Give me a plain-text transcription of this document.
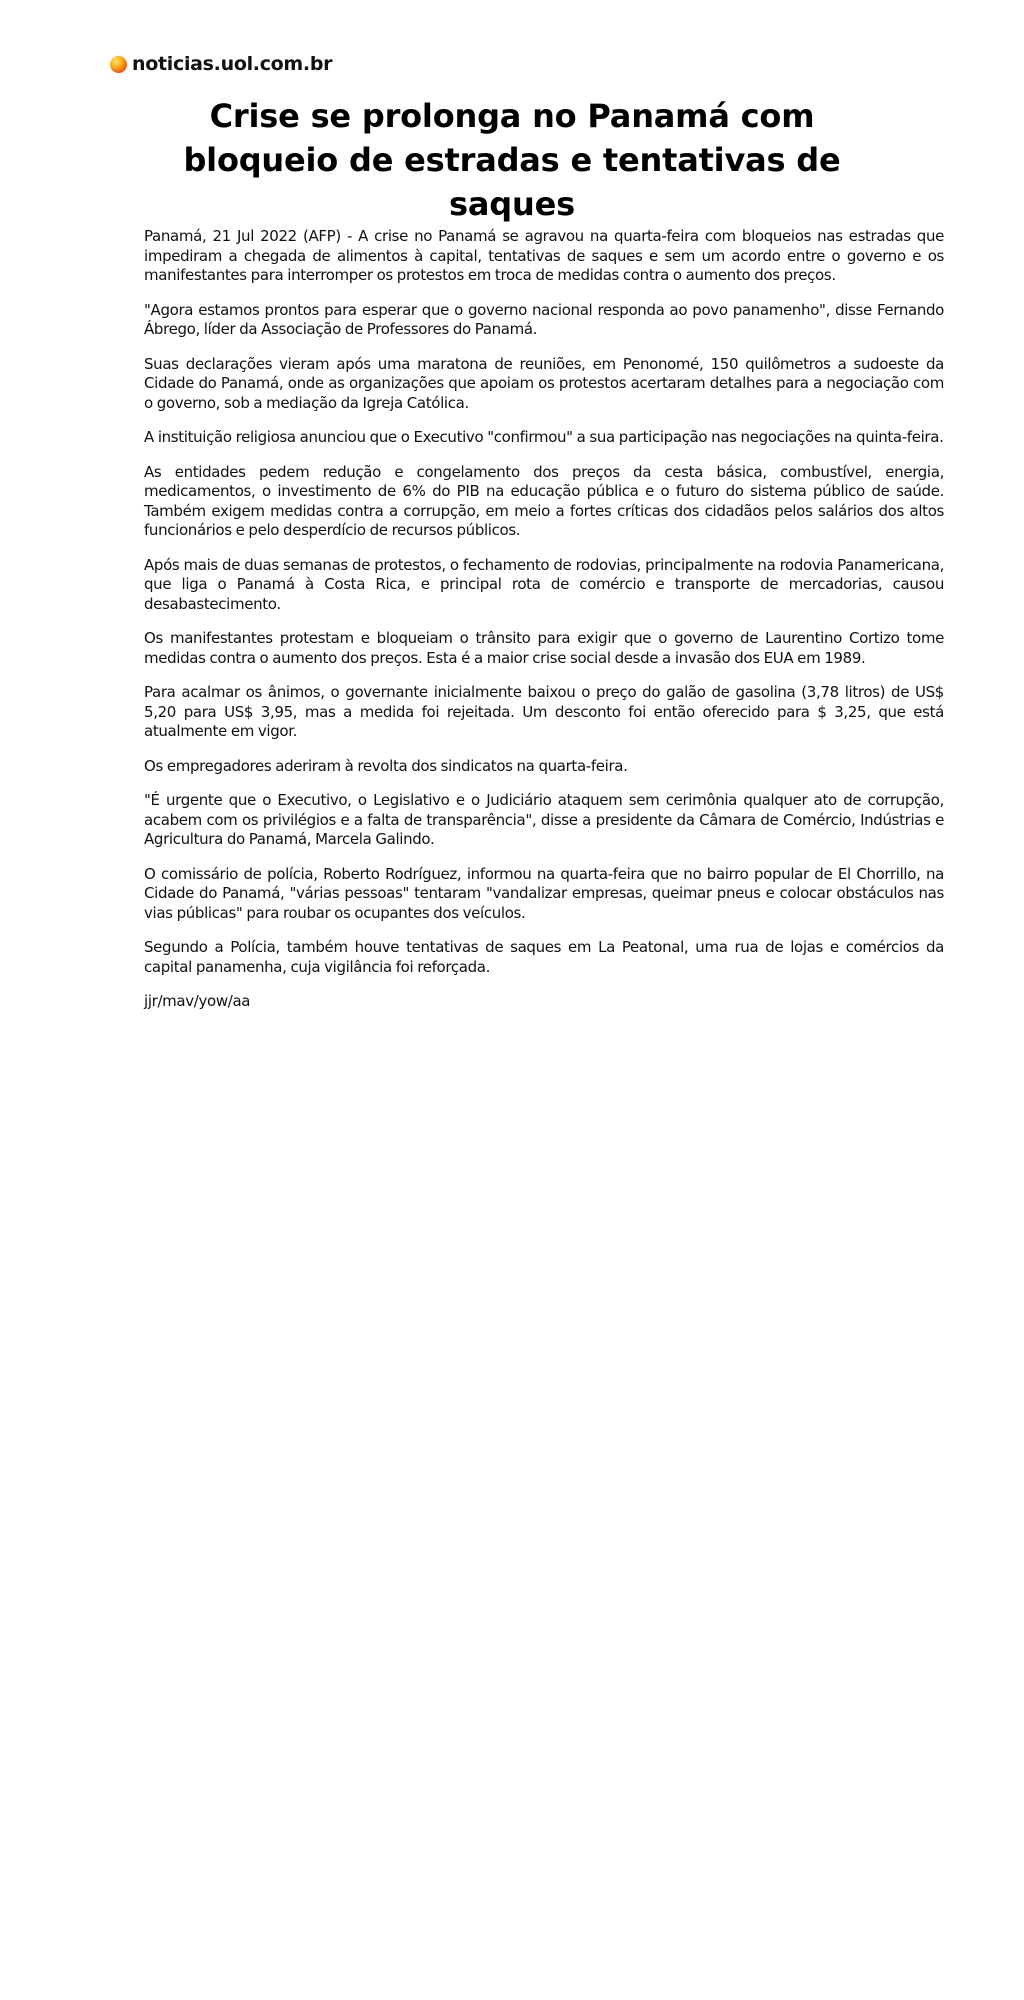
noticias.uol.com.br
Crise se prolonga no Panamá com bloqueio de estradas e tentativas de saques

Panamá, 21 Jul 2022 (AFP) - A crise no Panamá se agravou na quarta-feira com bloqueios nas estradas que impediram a chegada de alimentos à capital, tentativas de saques e sem um acordo entre o governo e os manifestantes para interromper os protestos em troca de medidas contra o aumento dos preços.

"Agora estamos prontos para esperar que o governo nacional responda ao povo panamenho", disse Fernando Ábrego, líder da Associação de Professores do Panamá.

Suas declarações vieram após uma maratona de reuniões, em Penonomé, 150 quilômetros a sudoeste da Cidade do Panamá, onde as organizações que apoiam os protestos acertaram detalhes para a negociação com o governo, sob a mediação da Igreja Católica.

A instituição religiosa anunciou que o Executivo "confirmou" a sua participação nas negociações na quinta-feira.

As entidades pedem redução e congelamento dos preços da cesta básica, combustível, energia, medicamentos, o investimento de 6% do PIB na educação pública e o futuro do sistema público de saúde. Também exigem medidas contra a corrupção, em meio a fortes críticas dos cidadãos pelos salários dos altos funcionários e pelo desperdício de recursos públicos.

Após mais de duas semanas de protestos, o fechamento de rodovias, principalmente na rodovia Panamericana, que liga o Panamá à Costa Rica, e principal rota de comércio e transporte de mercadorias, causou desabastecimento.

Os manifestantes protestam e bloqueiam o trânsito para exigir que o governo de Laurentino Cortizo tome medidas contra o aumento dos preços. Esta é a maior crise social desde a invasão dos EUA em 1989.

Para acalmar os ânimos, o governante inicialmente baixou o preço do galão de gasolina (3,78 litros) de US$ 5,20 para US$ 3,95, mas a medida foi rejeitada. Um desconto foi então oferecido para $ 3,25, que está atualmente em vigor.

Os empregadores aderiram à revolta dos sindicatos na quarta-feira.

"É urgente que o Executivo, o Legislativo e o Judiciário ataquem sem cerimônia qualquer ato de corrupção, acabem com os privilégios e a falta de transparência", disse a presidente da Câmara de Comércio, Indústrias e Agricultura do Panamá, Marcela Galindo.

O comissário de polícia, Roberto Rodríguez, informou na quarta-feira que no bairro popular de El Chorrillo, na Cidade do Panamá, "várias pessoas" tentaram "vandalizar empresas, queimar pneus e colocar obstáculos nas vias públicas" para roubar os ocupantes dos veículos.

Segundo a Polícia, também houve tentativas de saques em La Peatonal, uma rua de lojas e comércios da capital panamenha, cuja vigilância foi reforçada.

jjr/mav/yow/aa
